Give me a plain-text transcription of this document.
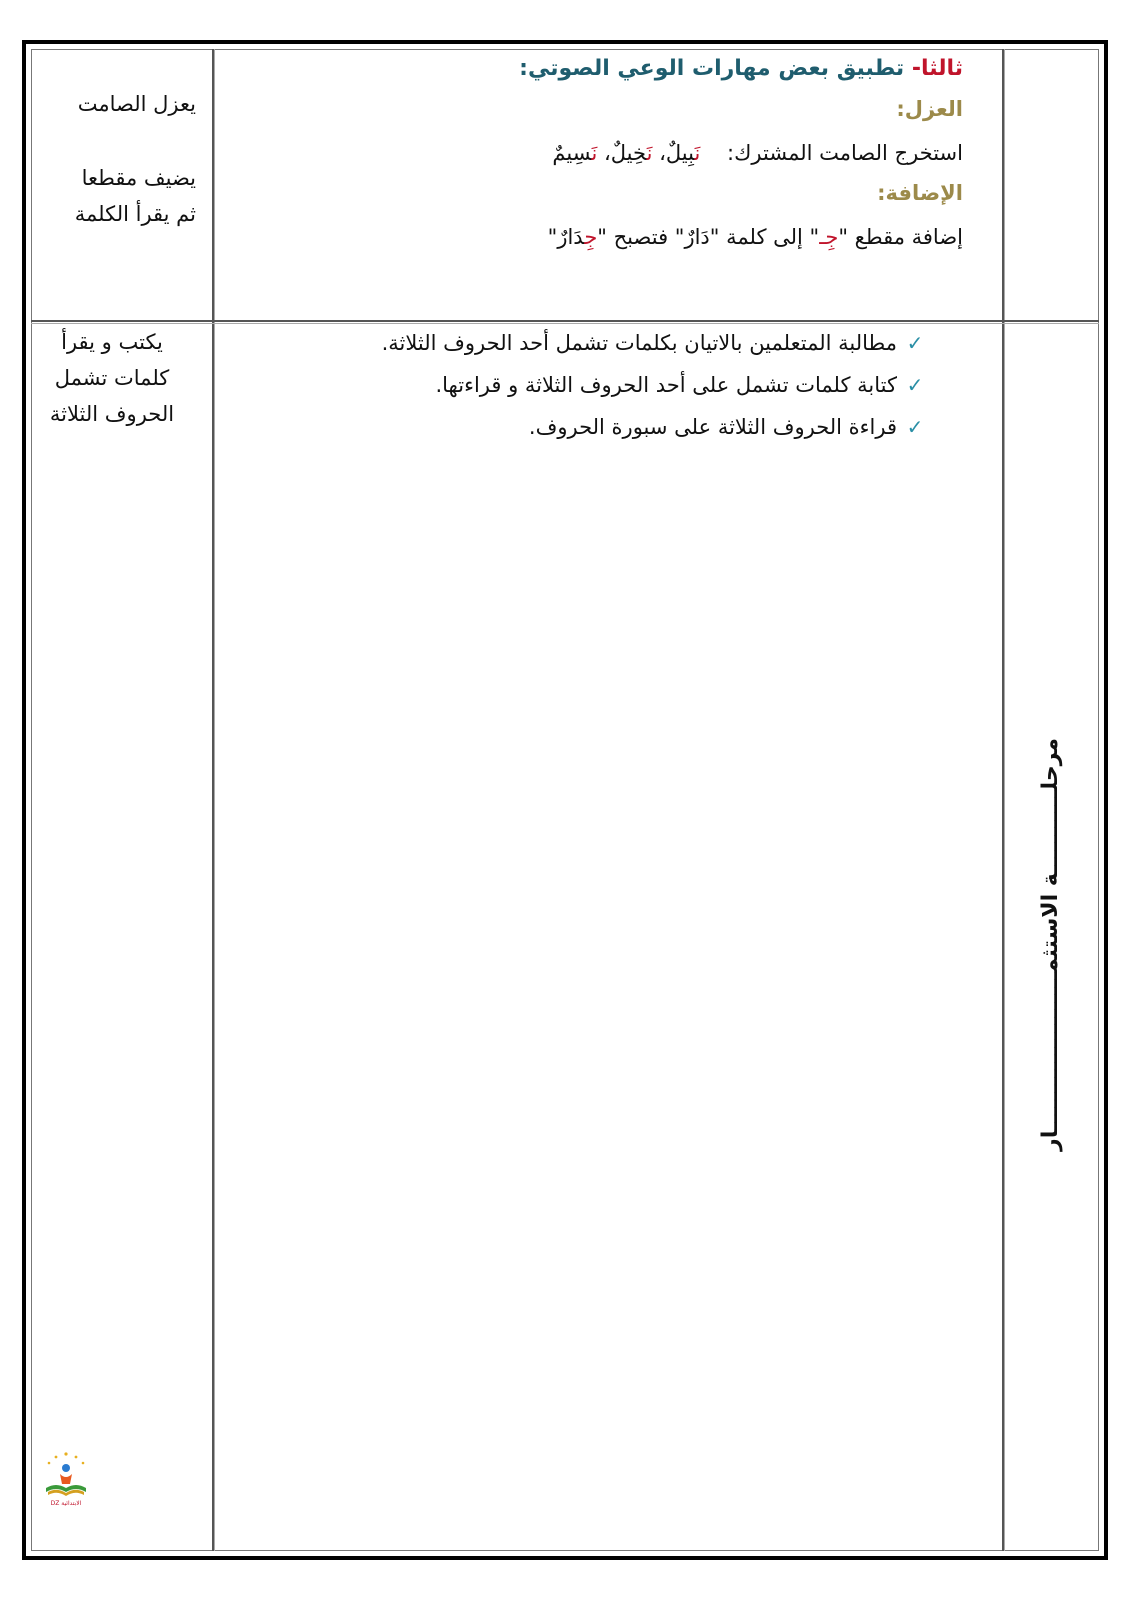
يعزل الصامت
يضيف مقطعا
ثم يقرأ الكلمة
يكتب و يقرأ
كلمات تشمل
الحروف الثلاثة
ثالثا- تطبيق بعض مهارات الوعي الصوتي:
العزل:
استخرج الصامت المشترك:    نَبِيلٌ، نَخِيلٌ، نَسِيمٌ
الإضافة:
إضافة مقطع "جِـ" إلى كلمة "دَارٌ" فتصبح "جِدَارٌ"
✓
مطالبة المتعلمين بالاتيان بكلمات تشمل أحد الحروف الثلاثة.
✓
كتابة كلمات تشمل على أحد الحروف الثلاثة و قراءتها.
✓
قراءة الحروف الثلاثة على سبورة الحروف.
مرحلـــــــــــة الاستثمـــــــــــــــــــــار
DZ الابتدائية
